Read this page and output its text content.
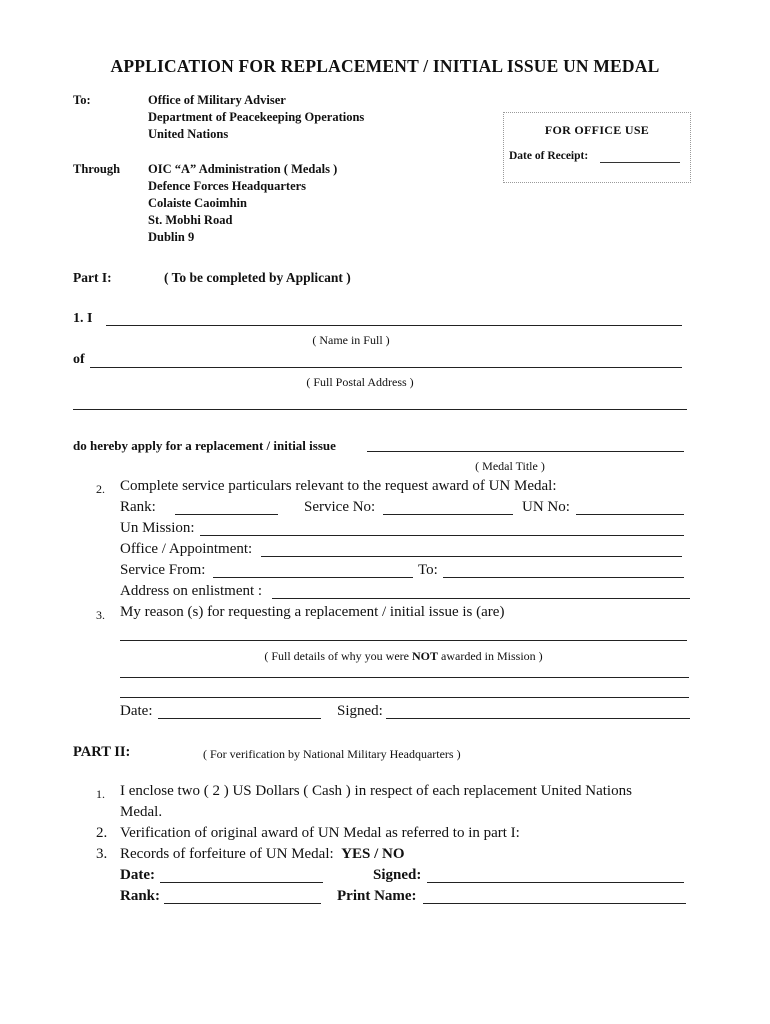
APPLICATION FOR REPLACEMENT / INITIAL ISSUE UN MEDAL
To:	Office of Military Adviser
Department of Peacekeeping Operations
United Nations	FOR OFFICE USE
Date of Receipt:
Through OIC “A” Administration ( Medals )
Defence Forces Headquarters
Colaiste Caoimhin
St. Mobhi Road
Dublin 9
Part I:	( To be completed by Applicant )
1. I
( Name in Full )
of
( Full Postal Address )
do hereby apply for a replacement / initial issue
( Medal Title )
2. Complete service particulars relevant to the request award of UN Medal:
Rank:	Service No:	UN No:
Un Mission:
Office / Appointment:
Service From:	To:
Address on enlistment :
3. My reason (s) for requesting a replacement / initial issue is (are)
( Full details of why you were NOT awarded in Mission )
Date:	Signed:
PART II:	( For verification by National Military Headquarters )
1. I enclose two ( 2 ) US Dollars ( Cash ) in respect of each replacement United Nations
Medal.
2. Verification of original award of UN Medal as referred to in part I:
3. Records of forfeiture of UN Medal: YES / NO
Date:	Signed:
Rank:	Print Name:
